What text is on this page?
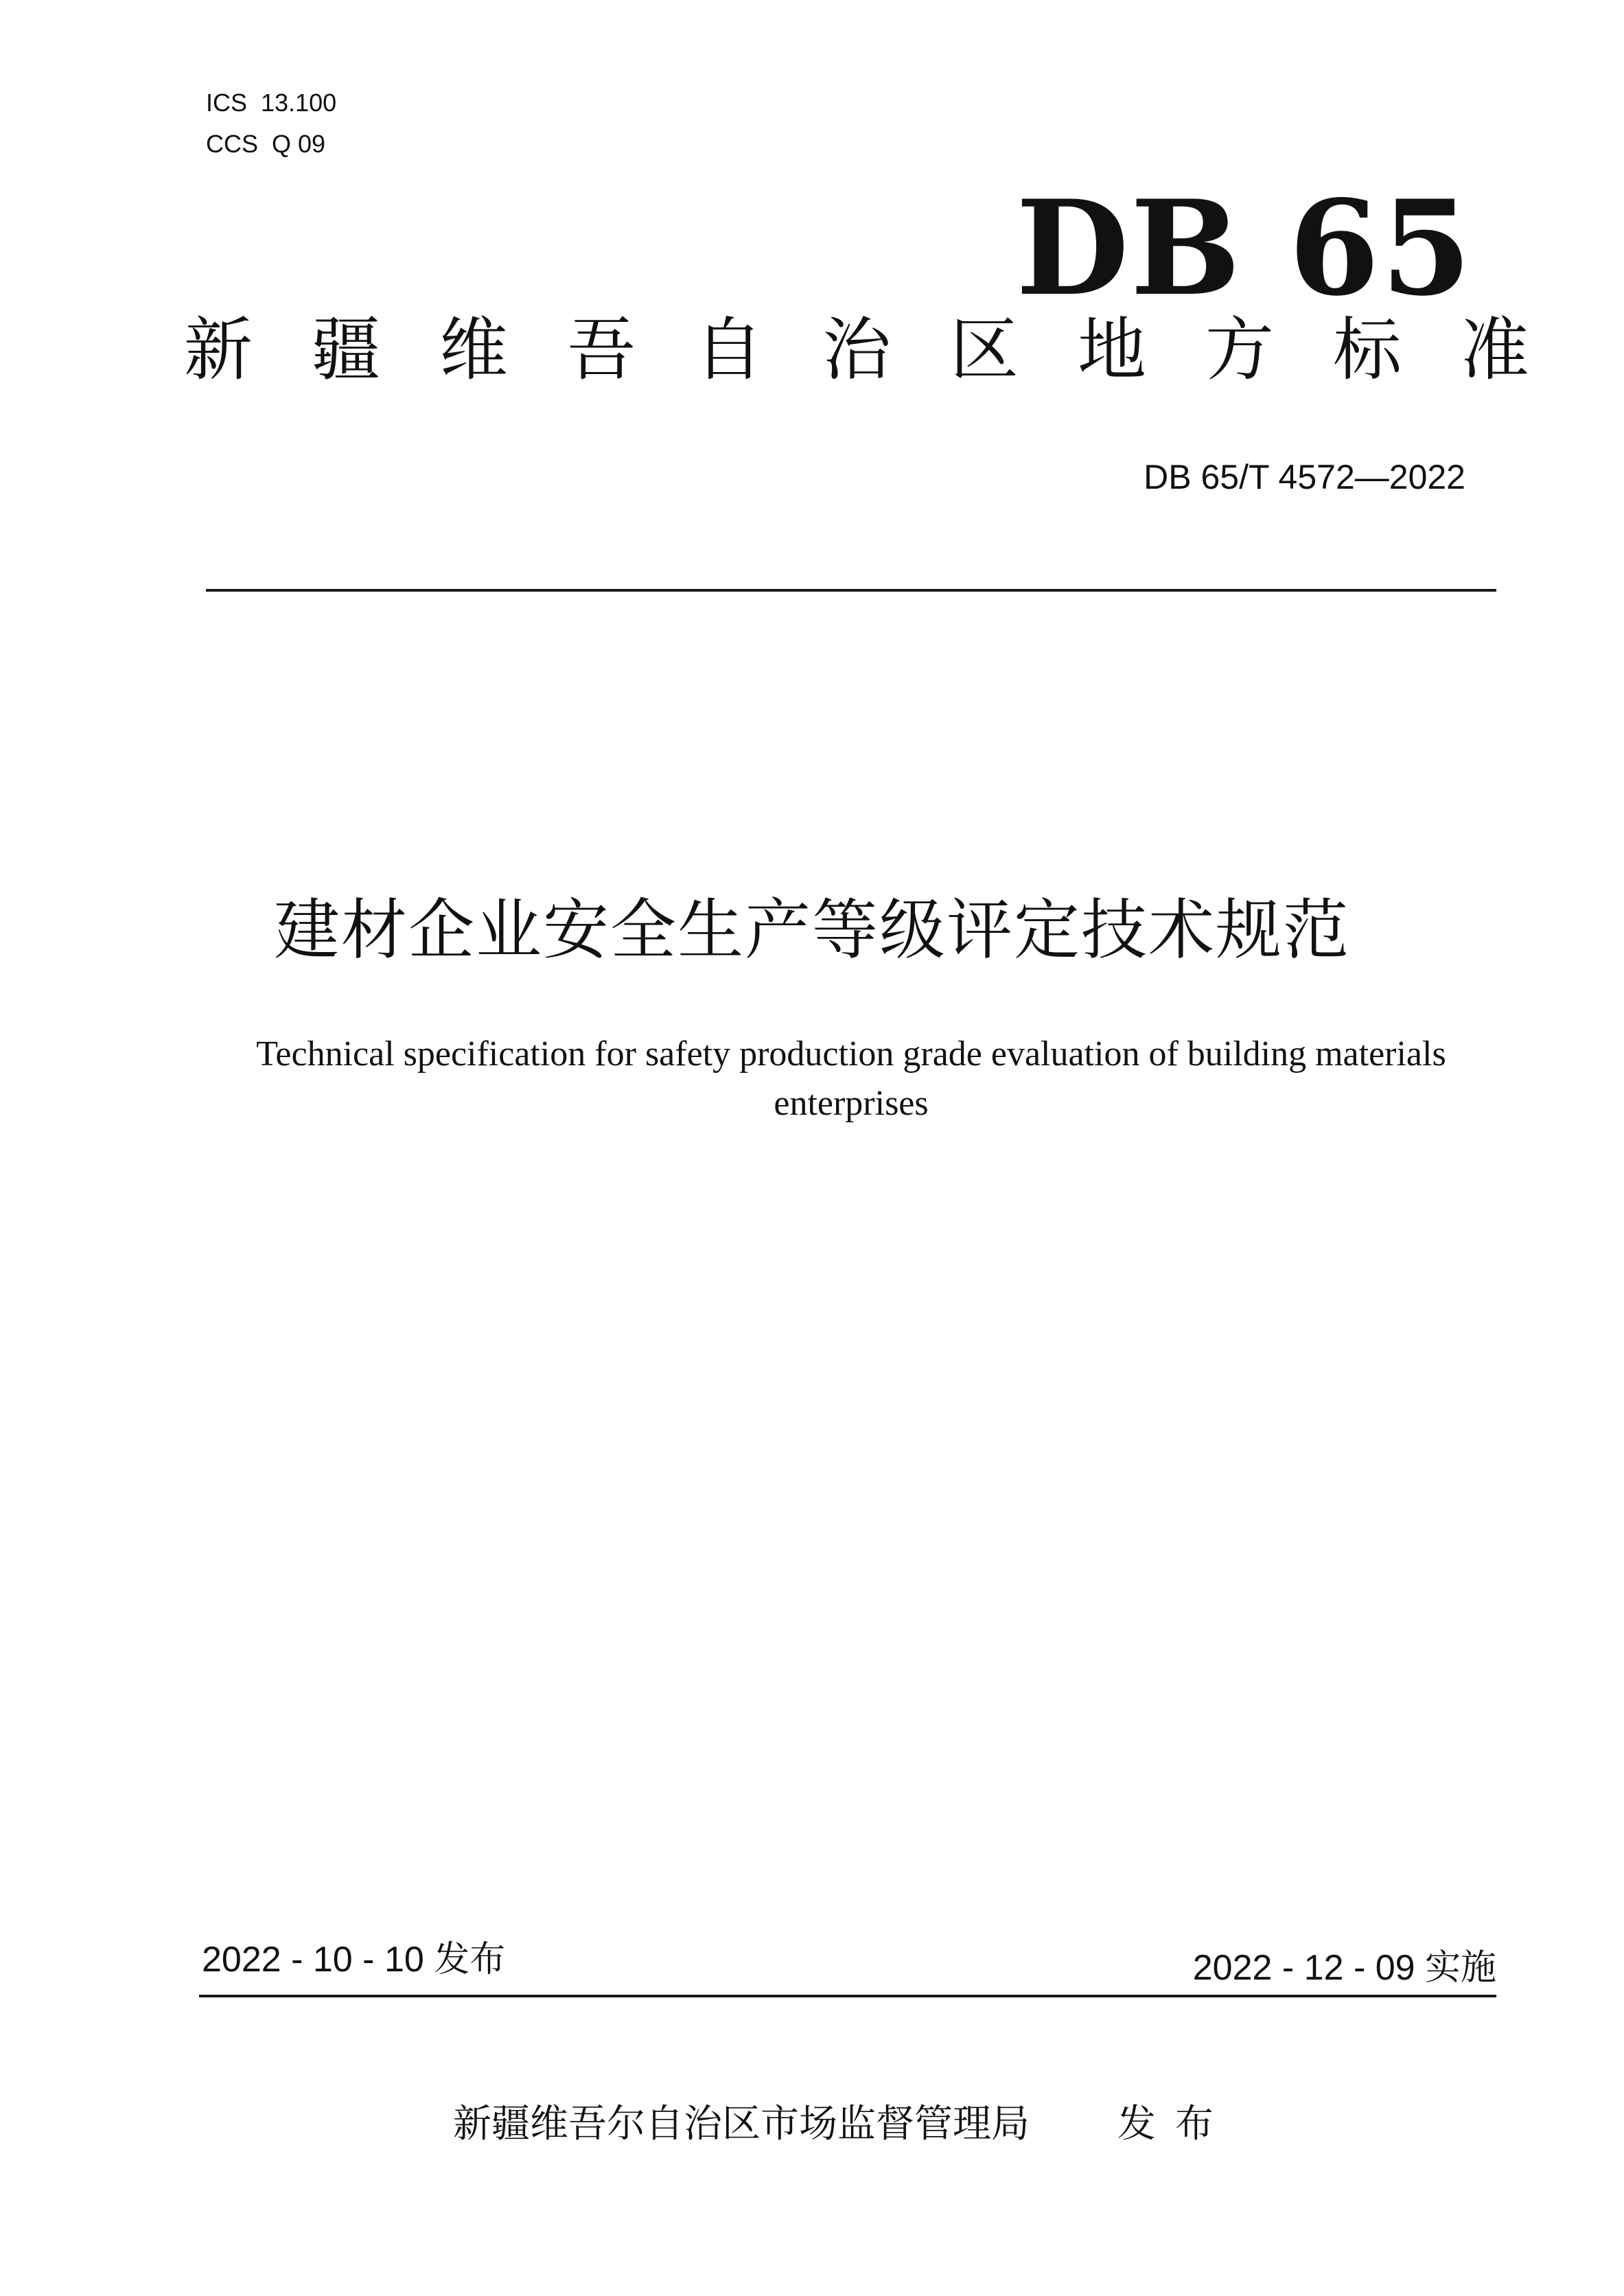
ICS  13.100
CCS  Q 09
DB 65
新疆维吾自治区地方标准
DB 65/T 4572—2022
建材企业安全生产等级评定技术规范
Technical specification for safety production grade evaluation of building materials enterprises
2022 - 10 - 10 发布	2022 - 12 - 09 实施
新疆维吾尔自治区市场监督管理局 发布
